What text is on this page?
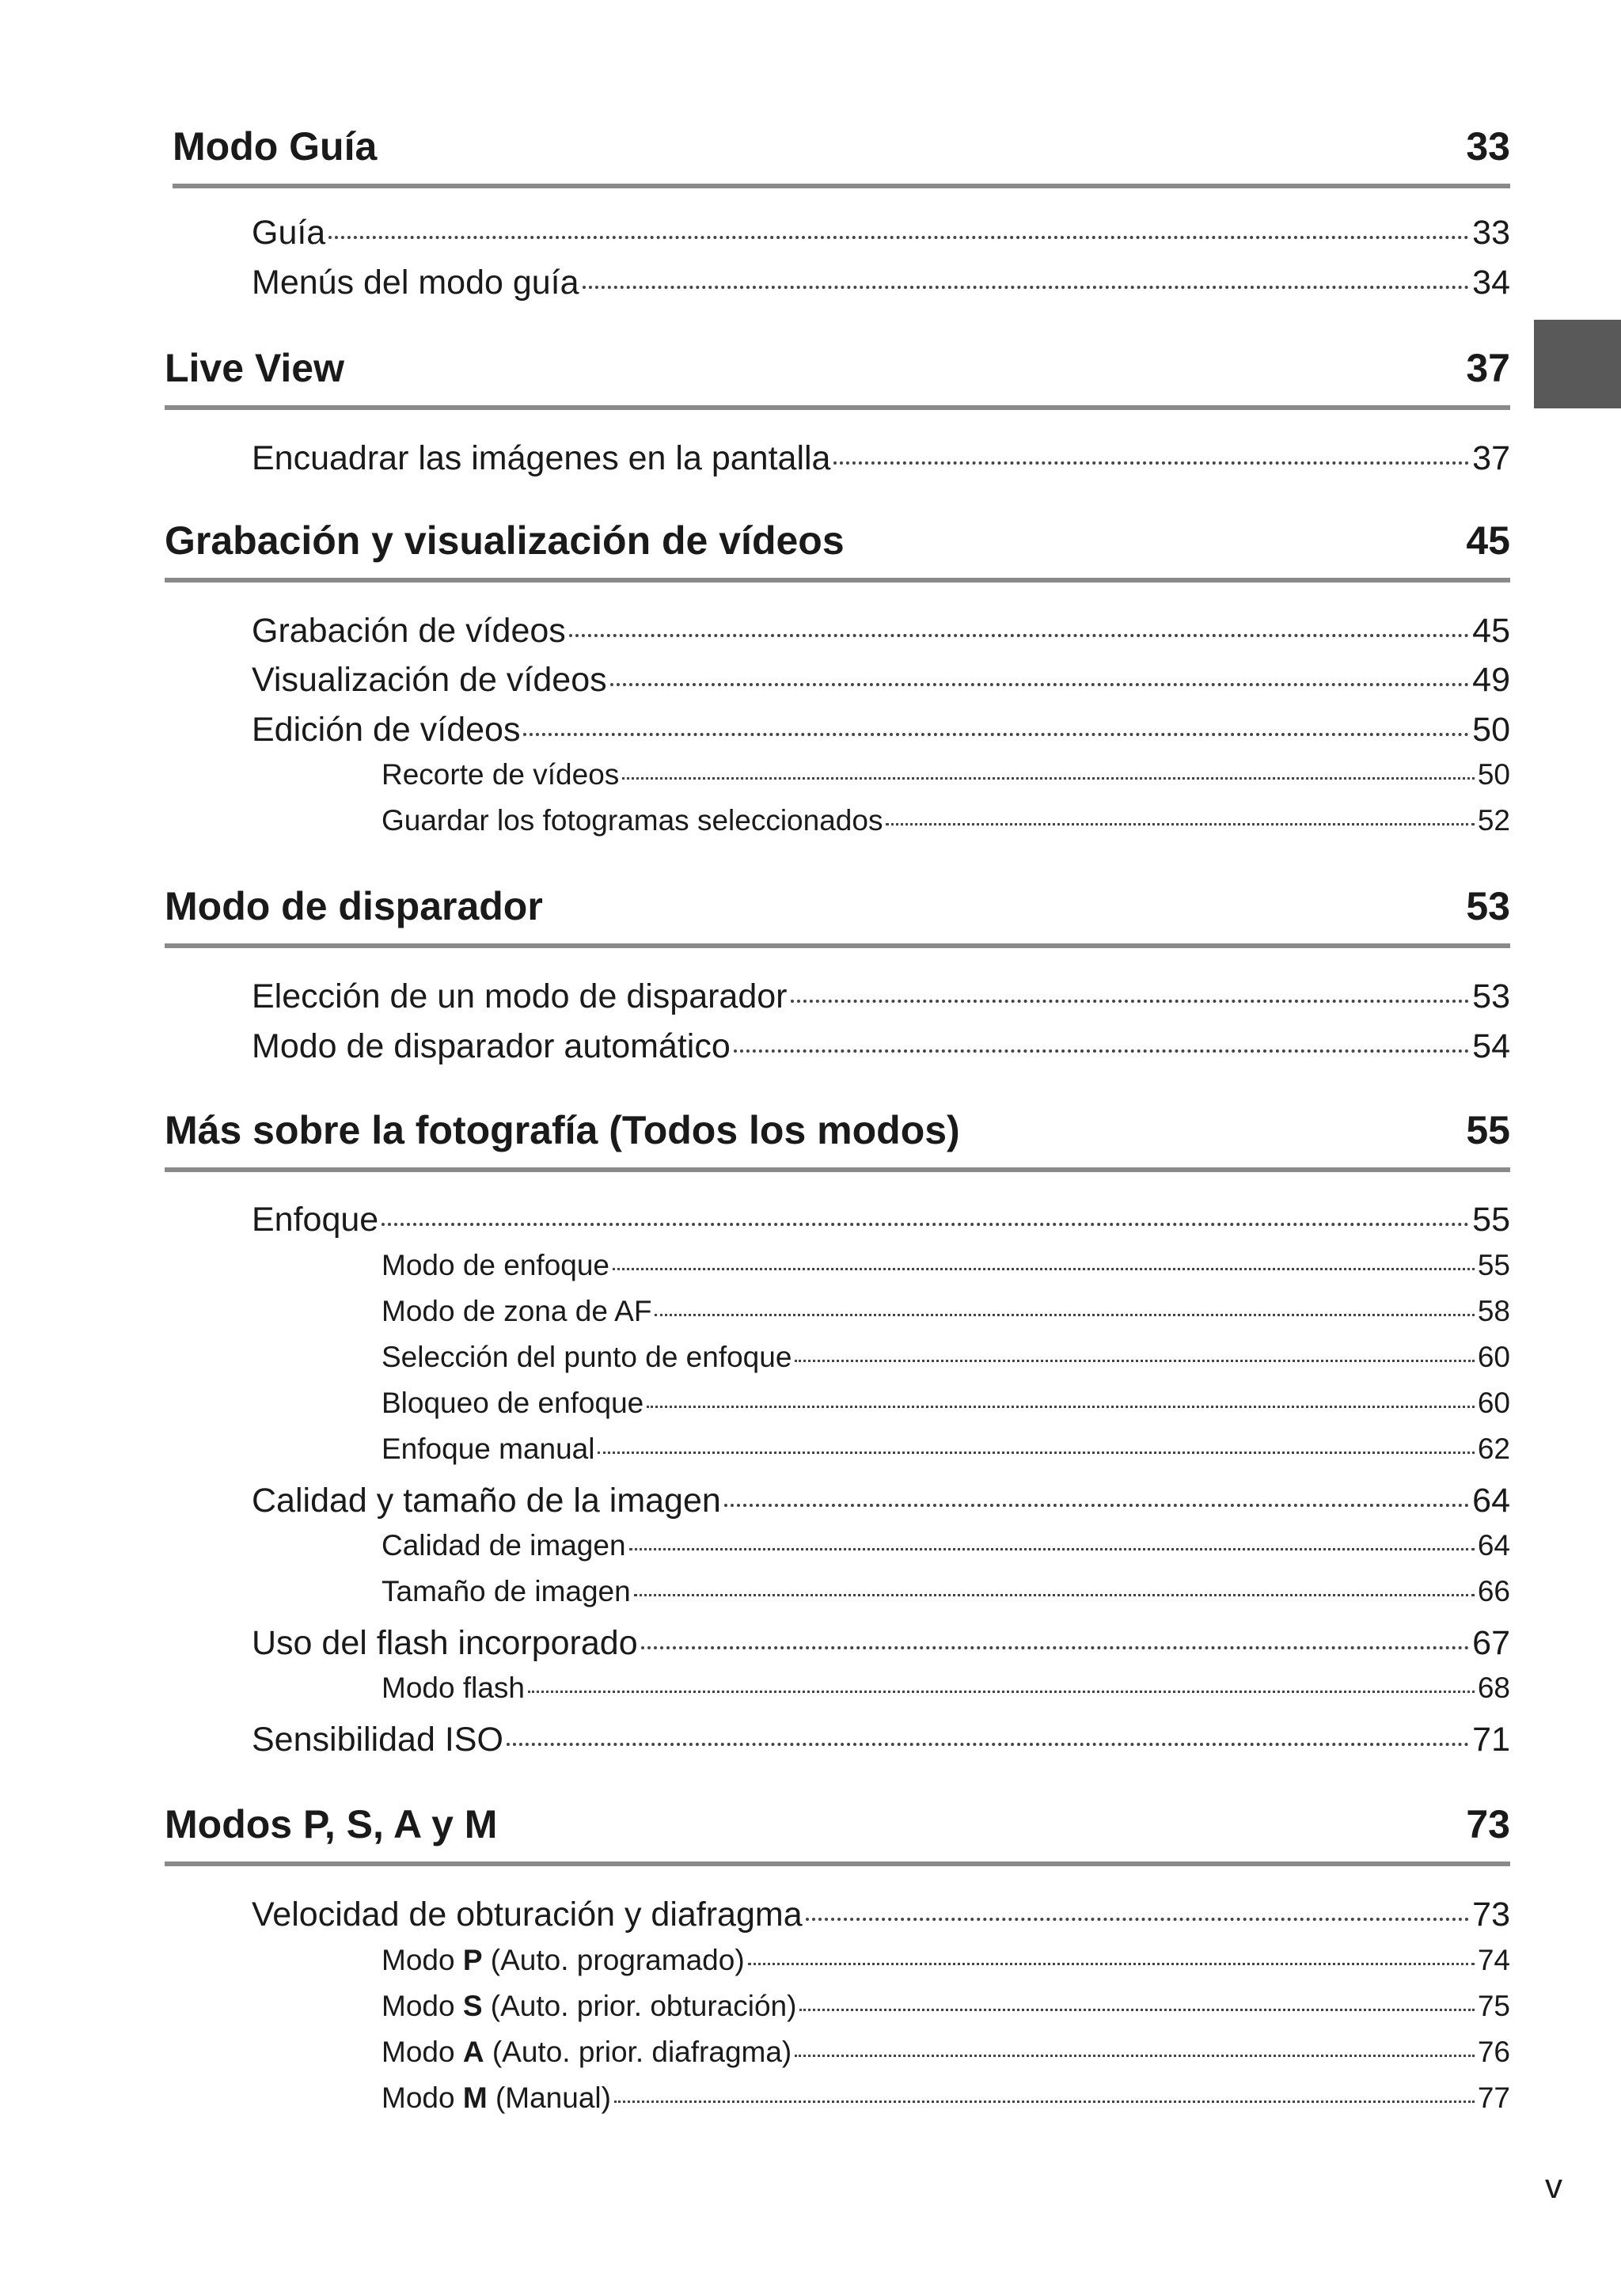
Modo Guía	33
Guía	33
Menús del modo guía	34
Live View	37
Encuadrar las imágenes en la pantalla	37
Grabación y visualización de vídeos	45
Grabación de vídeos	45
Visualización de vídeos	49
Edición de vídeos	50
Recorte de vídeos	50
Guardar los fotogramas seleccionados	52
Modo de disparador	53
Elección de un modo de disparador	53
Modo de disparador automático	54
Más sobre la fotografía (Todos los modos)	55
Enfoque	55
Modo de enfoque	55
Modo de zona de AF	58
Selección del punto de enfoque	60
Bloqueo de enfoque	60
Enfoque manual	62
Calidad y tamaño de la imagen	64
Calidad de imagen	64
Tamaño de imagen	66
Uso del flash incorporado	67
Modo flash	68
Sensibilidad ISO	71
Modos P, S, A y M	73
Velocidad de obturación y diafragma	73
Modo P (Auto. programado)	74
Modo S (Auto. prior. obturación)	75
Modo A (Auto. prior. diafragma)	76
Modo M (Manual)	77
v
